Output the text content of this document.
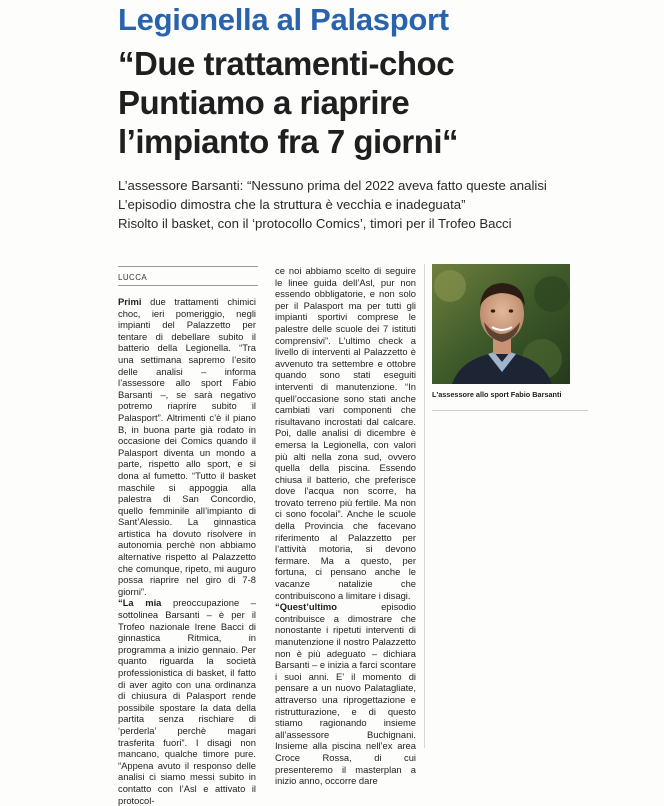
Legionella al Palasport
“Due trattamenti-choc
Puntiamo a riaprire
l’impianto fra 7 giorni“
L’assessore Barsanti: “Nessuno prima del 2022 aveva fatto queste analisi
L’episodio dimostra che la struttura è vecchia e inadeguata”
Risolto il basket, con il ‘protocollo Comics’, timori per il Trofeo Bacci
LUCCA

Primi due trattamenti chimici choc, ieri pomeriggio, negli impianti del Palazzetto per tentare di debellare subito il batterio della Legionella. “Tra una settimana sapremo l’esito delle analisi – informa l’assessore allo sport Fabio Barsanti –, se sarà negativo potremo riaprire subito il Palasport”. Altrimenti c’è il piano B, in buona parte già rodato in occasione dei Comics quando il Palasport diventa un mondo a parte, rispetto allo sport, e si dona al fumetto. “Tutto il basket maschile si appoggia alla palestra di San Concordio, quello femminile all’impianto di Sant’Alessio. La ginnastica artistica ha dovuto risolvere in autonomia perchè non abbiamo alternative rispetto al Palazzetto che comunque, ripeto, mi auguro possa riaprire nel giro di 7-8 giorni”.

“La mia preoccupazione – sottolinea Barsanti – è per il Trofeo nazionale Irene Bacci di ginnastica Ritmica, in programma a inizio gennaio. Per quanto riguarda la società professionistica di basket, il fatto di aver agito con una ordinanza di chiusura di Palasport rende possibile spostare la data della partita senza rischiare di ‘perderla’ perchè magari trasferita fuori”. I disagi non mancano, qualche timore pure. “Appena avuto il responso delle analisi ci siamo messi subito in contatto con l’Asl e attivato il protocol-

ce noi abbiamo scelto di seguire le linee guida dell’Asl, pur non essendo obbligatorie, e non solo per il Palasport ma per tutti gli impianti sportivi comprese le palestre delle scuole dei 7 istituti comprensivi”. L’ultimo check a livello di interventi al Palazzetto è avvenuto tra settembre e ottobre quando sono stati eseguiti interventi di manutenzione. “In quell’occasione sono stati anche cambiati vari componenti che risultavano incrostati dal calcare. Poi, dalle analisi di dicembre è emersa la Legionella, con valori più alti nella zona sud, ovvero quella della piscina. Essendo chiusa il batterio, che preferisce dove l’acqua non scorre, ha trovato terreno più fertile. Ma non ci sono focolai”. Anche le scuole della Provincia che facevano riferimento al Palazzetto per l’attività motoria, si devono fermare. Ma a questo, per fortuna, ci pensano anche le vacanze natalizie che contribuiscono a limitare i disagi.

“Quest’ultimo episodio contribuisce a dimostrare che nonostante i ripetuti interventi di manutenzione il nostro Palazzetto non è più adeguato – dichiara Barsanti – e inizia a farci scontare i suoi anni. E’ il momento di pensare a un nuovo Palatagliate, attraverso una riprogettazione e ristrutturazione, e di questo stiamo ragionando insieme all’assessore Buchignani. Insieme alla piscina nell’ex area Croce Rossa, di cui presenteremo il masterplan a inizio anno, occorre dare

L'assessore allo sport Fabio Barsanti
